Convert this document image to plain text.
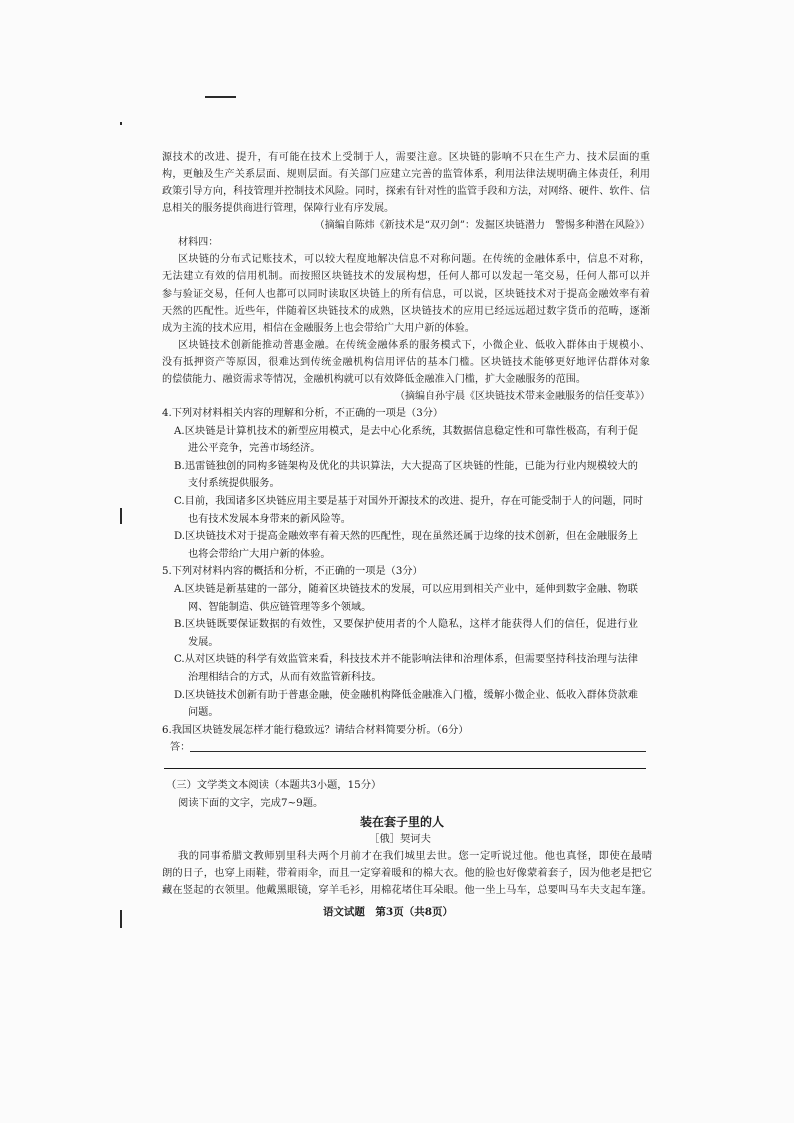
源技术的改进、提升，有可能在技术上受制于人，需要注意。区块链的影响不只在生产力、技术层面的重
构，更触及生产关系层面、规则层面。有关部门应建立完善的监管体系，利用法律法规明确主体责任，利用
政策引导方向，科技管理并控制技术风险。同时，探索有针对性的监管手段和方法，对网络、硬件、软件、信
息相关的服务提供商进行管理，保障行业有序发展。
（摘编自陈炜《新技术是“双刃剑”：发掘区块链潜力　警惕多种潜在风险》）
材料四：
区块链的分布式记账技术，可以较大程度地解决信息不对称问题。在传统的金融体系中，信息不对称，
无法建立有效的信用机制。而按照区块链技术的发展构想，任何人都可以发起一笔交易，任何人都可以并
参与验证交易，任何人也都可以同时读取区块链上的所有信息，可以说，区块链技术对于提高金融效率有着
天然的匹配性。近些年，伴随着区块链技术的成熟，区块链技术的应用已经远远超过数字货币的范畴，逐渐
成为主流的技术应用，相信在金融服务上也会带给广大用户新的体验。
区块链技术创新能推动普惠金融。在传统金融体系的服务模式下，小微企业、低收入群体由于规模小、
没有抵押资产等原因，很难达到传统金融机构信用评估的基本门槛。区块链技术能够更好地评估群体对象
的偿债能力、融资需求等情况，金融机构就可以有效降低金融准入门槛，扩大金融服务的范围。
（摘编自孙宇晨《区块链技术带来金融服务的信任变革》）
4.下列对材料相关内容的理解和分析，不正确的一项是（3分）
A.区块链是计算机技术的新型应用模式，是去中心化系统，其数据信息稳定性和可靠性极高，有利于促
进公平竞争，完善市场经济。
B.迅雷链独创的同构多链架构及优化的共识算法，大大提高了区块链的性能，已能为行业内规模较大的
支付系统提供服务。
C.目前，我国诸多区块链应用主要是基于对国外开源技术的改进、提升，存在可能受制于人的问题，同时
也有技术发展本身带来的新风险等。
D.区块链技术对于提高金融效率有着天然的匹配性，现在虽然还属于边缘的技术创新，但在金融服务上
也将会带给广大用户新的体验。
5.下列对材料内容的概括和分析，不正确的一项是（3分）
A.区块链是新基建的一部分，随着区块链技术的发展，可以应用到相关产业中，延伸到数字金融、物联
网、智能制造、供应链管理等多个领域。
B.区块链既要保证数据的有效性，又要保护使用者的个人隐私，这样才能获得人们的信任，促进行业
发展。
C.从对区块链的科学有效监管来看，科技技术并不能影响法律和治理体系，但需要坚持科技治理与法律
治理相结合的方式，从而有效监管新科技。
D.区块链技术创新有助于普惠金融，使金融机构降低金融准入门槛，缓解小微企业、低收入群体贷款难
问题。
6.我国区块链发展怎样才能行稳致远？请结合材料简要分析。（6分）
答：
（三）文学类文本阅读（本题共3小题，15分）
阅读下面的文字，完成7~9题。
装在套子里的人
［俄］契诃夫
我的同事希腊文教师别里科夫两个月前才在我们城里去世。您一定听说过他。他也真怪，即使在最晴
朗的日子，也穿上雨鞋，带着雨伞，而且一定穿着暖和的棉大衣。他的脸也好像蒙着套子，因为他老是把它
藏在竖起的衣领里。他戴黑眼镜，穿羊毛衫，用棉花堵住耳朵眼。他一坐上马车，总要叫马车夫支起车篷。
语文试题　第3页（共8页）
